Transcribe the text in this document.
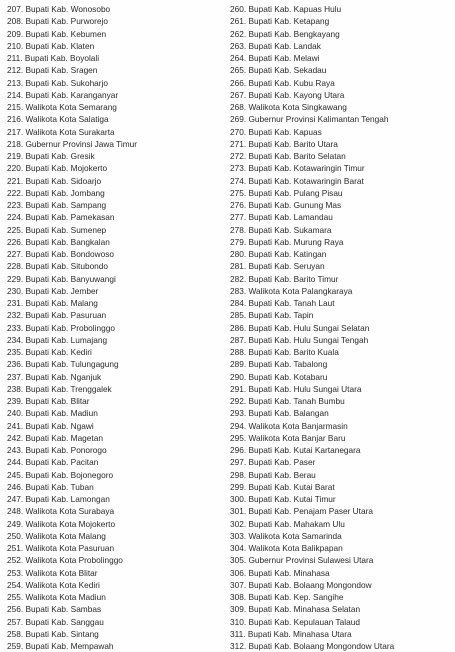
207. Bupati Kab. Wonosobo
208. Bupati Kab. Purworejo
209. Bupati Kab. Kebumen
210. Bupati Kab. Klaten
211. Bupati Kab. Boyolali
212. Bupati Kab. Sragen
213. Bupati Kab. Sukoharjo
214. Bupati Kab. Karanganyar
215. Walikota Kota Semarang
216. Walikota Kota Salatiga
217. Walikota Kota Surakarta
218. Gubernur Provinsi Jawa Timur
219. Bupati Kab. Gresik
220. Bupati Kab. Mojokerto
221. Bupati Kab. Sidoarjo
222. Bupati Kab. Jombang
223. Bupati Kab. Sampang
224. Bupati Kab. Pamekasan
225. Bupati Kab. Sumenep
226. Bupati Kab. Bangkalan
227. Bupati Kab. Bondowoso
228. Bupati Kab. Situbondo
229. Bupati Kab. Banyuwangi
230. Bupati Kab. Jember
231. Bupati Kab. Malang
232. Bupati Kab. Pasuruan
233. Bupati Kab. Probolinggo
234. Bupati Kab. Lumajang
235. Bupati Kab. Kediri
236. Bupati Kab. Tulungagung
237. Bupati Kab. Nganjuk
238. Bupati Kab. Trenggalek
239. Bupati Kab. Blitar
240. Bupati Kab. Madiun
241. Bupati Kab. Ngawi
242. Bupati Kab. Magetan
243. Bupati Kab. Ponorogo
244. Bupati Kab. Pacitan
245. Bupati Kab. Bojonegoro
246. Bupati Kab. Tuban
247. Bupati Kab. Lamongan
248. Walikota Kota Surabaya
249. Walikota Kota Mojokerto
250. Walikota Kota Malang
251. Walikota Kota Pasuruan
252. Walikota Kota Probolinggo
253. Walikota Kota Blitar
254. Walikota Kota Kediri
255. Walikota Kota Madiun
256. Bupati Kab. Sambas
257. Bupati Kab. Sanggau
258. Bupati Kab. Sintang
259. Bupati Kab. Mempawah
260. Bupati Kab. Kapuas Hulu
261. Bupati Kab. Ketapang
262. Bupati Kab. Bengkayang
263. Bupati Kab. Landak
264. Bupati Kab. Melawi
265. Bupati Kab. Sekadau
266. Bupati Kab. Kubu Raya
267. Bupati Kab. Kayong Utara
268. Walikota Kota Singkawang
269. Gubernur Provinsi Kalimantan Tengah
270. Bupati Kab. Kapuas
271. Bupati Kab. Barito Utara
272. Bupati Kab. Barito Selatan
273. Bupati Kab. Kotawaringin Timur
274. Bupati Kab. Kotawaringin Barat
275. Bupati Kab. Pulang Pisau
276. Bupati Kab. Gunung Mas
277. Bupati Kab. Lamandau
278. Bupati Kab. Sukamara
279. Bupati Kab. Murung Raya
280. Bupati Kab. Katingan
281. Bupati Kab. Seruyan
282. Bupati Kab. Barito Timur
283. Walikota Kota Palangkaraya
284. Bupati Kab. Tanah Laut
285. Bupati Kab. Tapin
286. Bupati Kab. Hulu Sungai Selatan
287. Bupati Kab. Hulu Sungai Tengah
288. Bupati Kab. Barito Kuala
289. Bupati Kab. Tabalong
290. Bupati Kab. Kotabaru
291. Bupati Kab. Hulu Sungai Utara
292. Bupati Kab. Tanah Bumbu
293. Bupati Kab. Balangan
294. Walikota Kota Banjarmasin
295. Walikota Kota Banjar Baru
296. Bupati Kab. Kutai Kartanegara
297. Bupati Kab. Paser
298. Bupati Kab. Berau
299. Bupati Kab. Kutai Barat
300. Bupati Kab. Kutai Timur
301. Bupati Kab. Penajam Paser Utara
302. Bupati Kab. Mahakam Ulu
303. Walikota Kota Samarinda
304. Walikota Kota Balikpapan
305. Gubernur Provinsi Sulawesi Utara
306. Bupati Kab. Minahasa
307. Bupati Kab. Bolaang Mongondow
308. Bupati Kab. Kep. Sangihe
309. Bupati Kab. Minahasa Selatan
310. Bupati Kab. Kepulauan Talaud
311. Bupati Kab. Minahasa Utara
312. Bupati Kab. Bolaang Mongondow Utara
